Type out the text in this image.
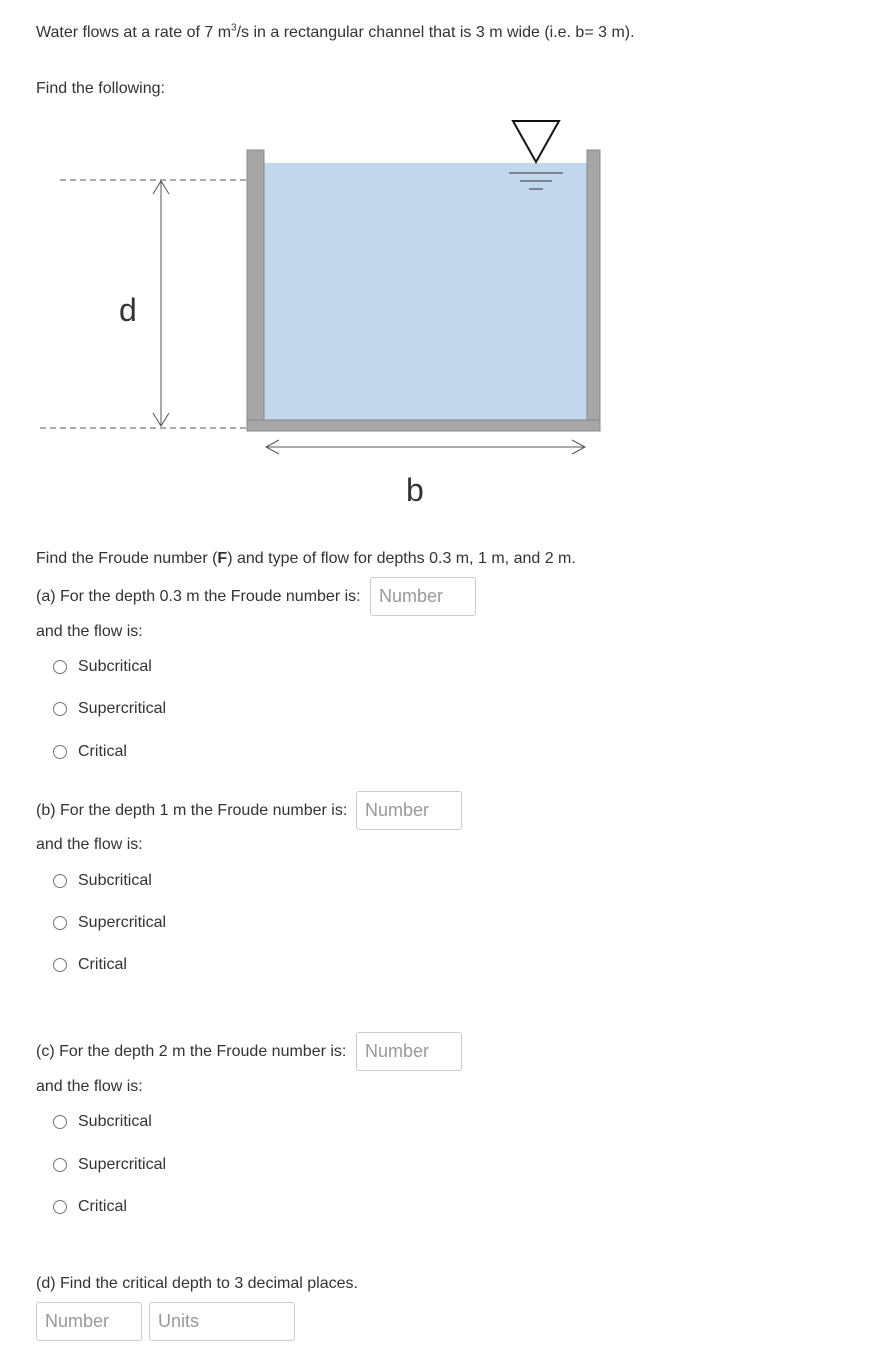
Water flows at a rate of 7 $m^3/s$ in a rectangular channel that is 3 m wide (i.e. b= 3 m).
Find the following:
d
b
Find the Froude number (F) and type of flow for depths 0.3 m, 1 m, and 2 m.
(a) For the depth 0.3 m the Froude number is:
Number
and the flow is:
Subcritical
Supercritical
Critical
(b) For the depth 1 m the Froude number is:
Number
and the flow is:
Subcritical
Supercritical
Critical
(c) For the depth 2 m the Froude number is:
Number
and the flow is:
Subcritical
Supercritical
Critical
(d) Find the critical depth to 3 decimal places.
Number
Units
